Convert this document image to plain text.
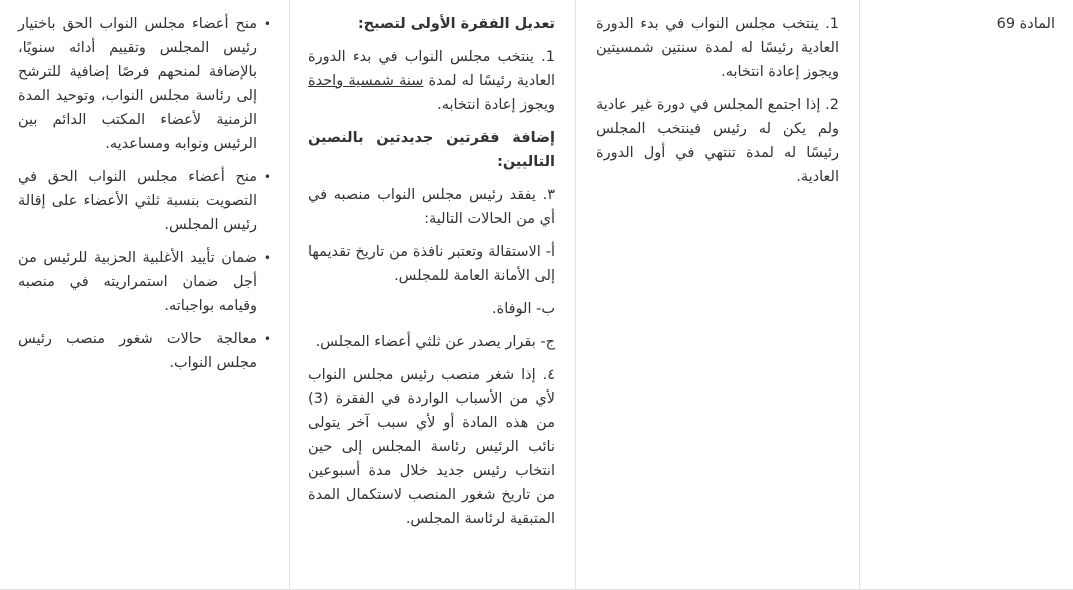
المادة 69

1. ينتخب مجلس النواب في بدء الدورة العادية رئيسًا له لمدة سنتين شمسيتين ويجوز إعادة انتخابه.

2. إذا اجتمع المجلس في دورة غير عادية ولم يكن له رئيس فينتخب المجلس رئيسًا له لمدة تنتهي في أول الدورة العادية.

تعديل الفقرة الأولى لتصبح:

1. ينتخب مجلس النواب في بدء الدورة العادية رئيسًا له لمدة سنة شمسية واحدة ويجوز إعادة انتخابه.

إضافة فقرتين جديدتين بالنصين التاليين:

٣. يفقد رئيس مجلس النواب منصبه في أي من الحالات التالية:

أ- الاستقالة وتعتبر نافذة من تاريخ تقديمها إلى الأمانة العامة للمجلس.

ب- الوفاة.

ج- بقرار يصدر عن ثلثي أعضاء المجلس.

٤. إذا شغر منصب رئيس مجلس النواب لأي من الأسباب الواردة في الفقرة (3) من هذه المادة أو لأي سبب آخر يتولى نائب الرئيس رئاسة المجلس إلى حين انتخاب رئيس جديد خلال مدة أسبوعين من تاريخ شغور المنصب لاستكمال المدة المتبقية لرئاسة المجلس.

•
منح أعضاء مجلس النواب الحق باختيار رئيس المجلس وتقييم أدائه سنويًا، بالإضافة لمنحهم فرصًا إضافية للترشح إلى رئاسة مجلس النواب، وتوحيد المدة الزمنية لأعضاء المكتب الدائم بين الرئيس ونوابه ومساعديه.
•
منح أعضاء مجلس النواب الحق في التصويت بنسبة ثلثي الأعضاء على إقالة رئيس المجلس.
•
ضمان تأييد الأغلبية الحزبية للرئيس من أجل ضمان استمراريته في منصبه وقيامه بواجباته.
•
معالجة حالات شغور منصب رئيس مجلس النواب.
